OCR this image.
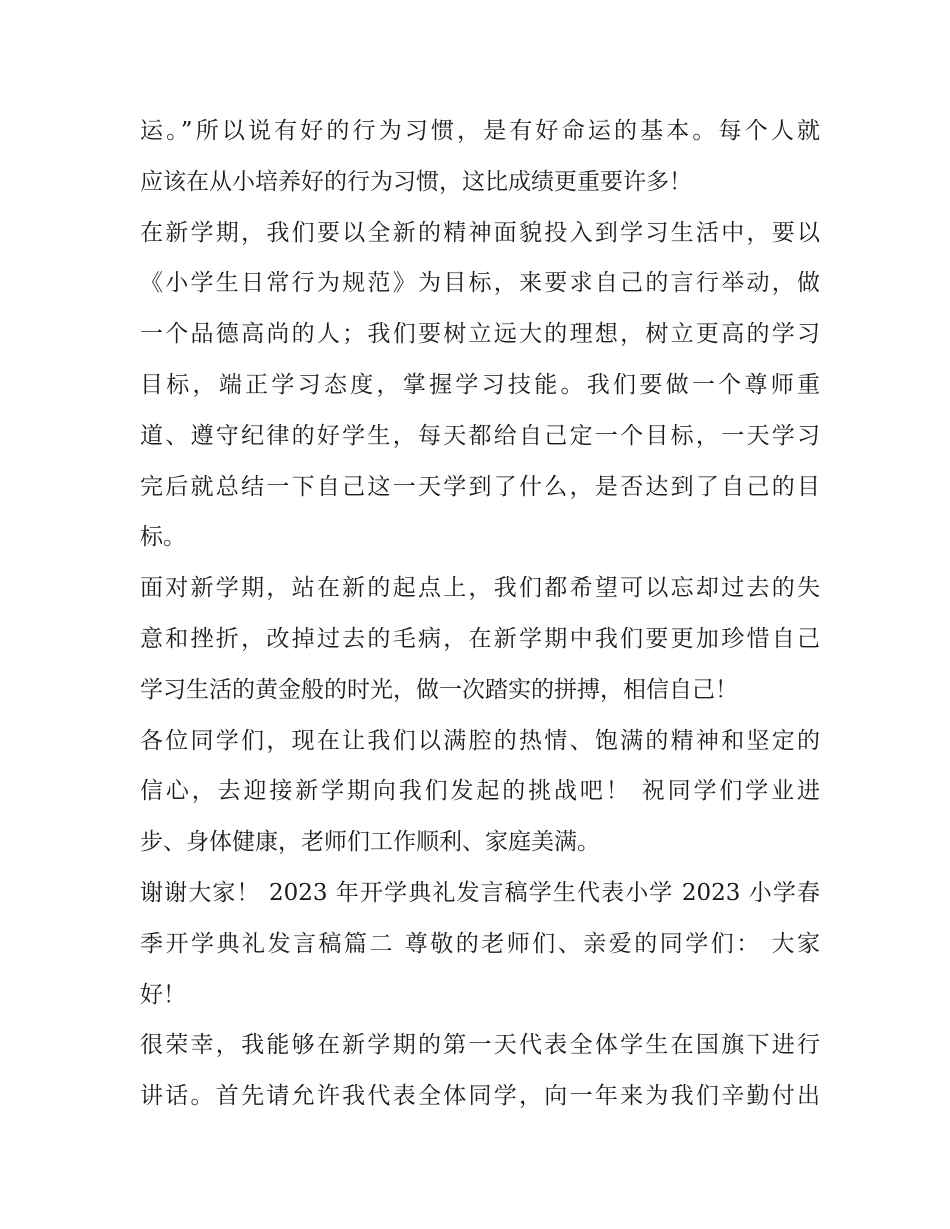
运。”所以说有好的行为习惯，是有好命运的基本。每个人就
应该在从小培养好的行为习惯，这比成绩更重要许多！
在新学期，我们要以全新的精神面貌投入到学习生活中，要以
《小学生日常行为规范》为目标，来要求自己的言行举动，做
一个品德高尚的人；我们要树立远大的理想，树立更高的学习
目标，端正学习态度，掌握学习技能。我们要做一个尊师重
道、遵守纪律的好学生，每天都给自己定一个目标，一天学习
完后就总结一下自己这一天学到了什么，是否达到了自己的目
标。
面对新学期，站在新的起点上，我们都希望可以忘却过去的失
意和挫折，改掉过去的毛病，在新学期中我们要更加珍惜自己
学习生活的黄金般的时光，做一次踏实的拼搏，相信自己！
各位同学们，现在让我们以满腔的热情、饱满的精神和坚定的
信心，去迎接新学期向我们发起的挑战吧！ 祝同学们学业进
步、身体健康，老师们工作顺利、家庭美满。
谢谢大家！ 2023 年开学典礼发言稿学生代表小学 2023 小学春
季开学典礼发言稿篇二 尊敬的老师们、亲爱的同学们： 大家
好！
很荣幸，我能够在新学期的第一天代表全体学生在国旗下进行
讲话。首先请允许我代表全体同学，向一年来为我们辛勤付出
